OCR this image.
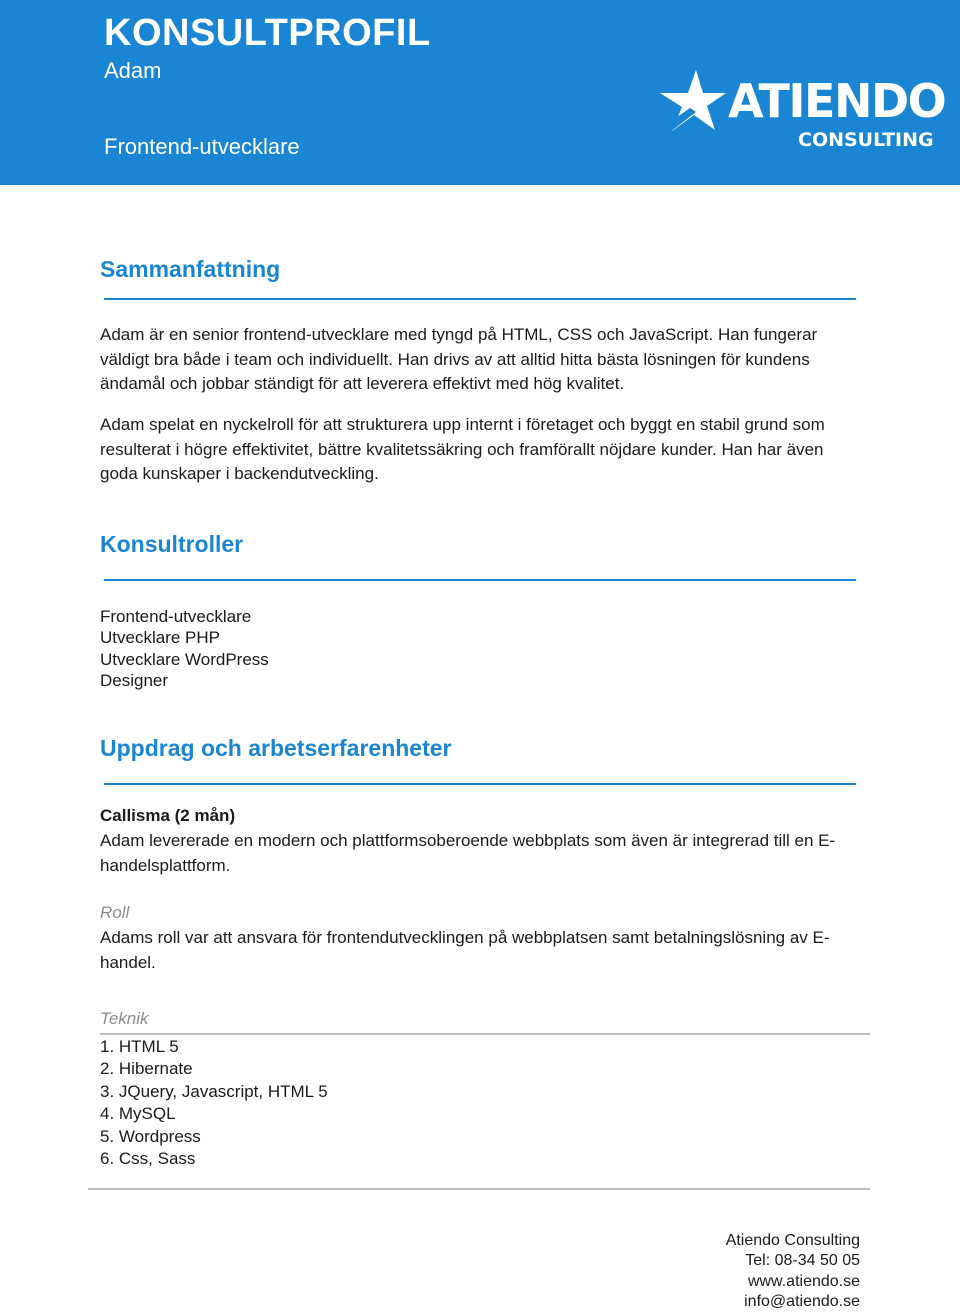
KONSULTPROFIL
Adam
Frontend-utvecklare
ATIENDO
CONSULTING
Sammanfattning

Adam är en senior frontend-utvecklare med tyngd på HTML, CSS och JavaScript. Han fungerar väldigt bra både i team och individuellt. Han drivs av att alltid hitta bästa lösningen för kundens ändamål och jobbar ständigt för att leverera effektivt med hög kvalitet.

Adam spelat en nyckelroll för att strukturera upp internt i företaget och byggt en stabil grund som resulterat i högre effektivitet, bättre kvalitetssäkring och framförallt nöjdare kunder. Han har även goda kunskaper i backendutveckling.

Konsultroller
Frontend-utvecklare
Utvecklare PHP
Utvecklare WordPress
Designer
Uppdrag och arbetserfarenheter
Callisma (2 mån)

Adam levererade en modern och plattformsoberoende webbplats som även är integrerad till en E-handelsplattform.

Roll

Adams roll var att ansvara för frontendutvecklingen på webbplatsen samt betalningslösning av E-handel.

Teknik
1. HTML 5
2. Hibernate
3. JQuery, Javascript, HTML 5
4. MySQL
5. Wordpress
6. Css, Sass
Atiendo Consulting
Tel: 08-34 50 05
www.atiendo.se
info@atiendo.se
